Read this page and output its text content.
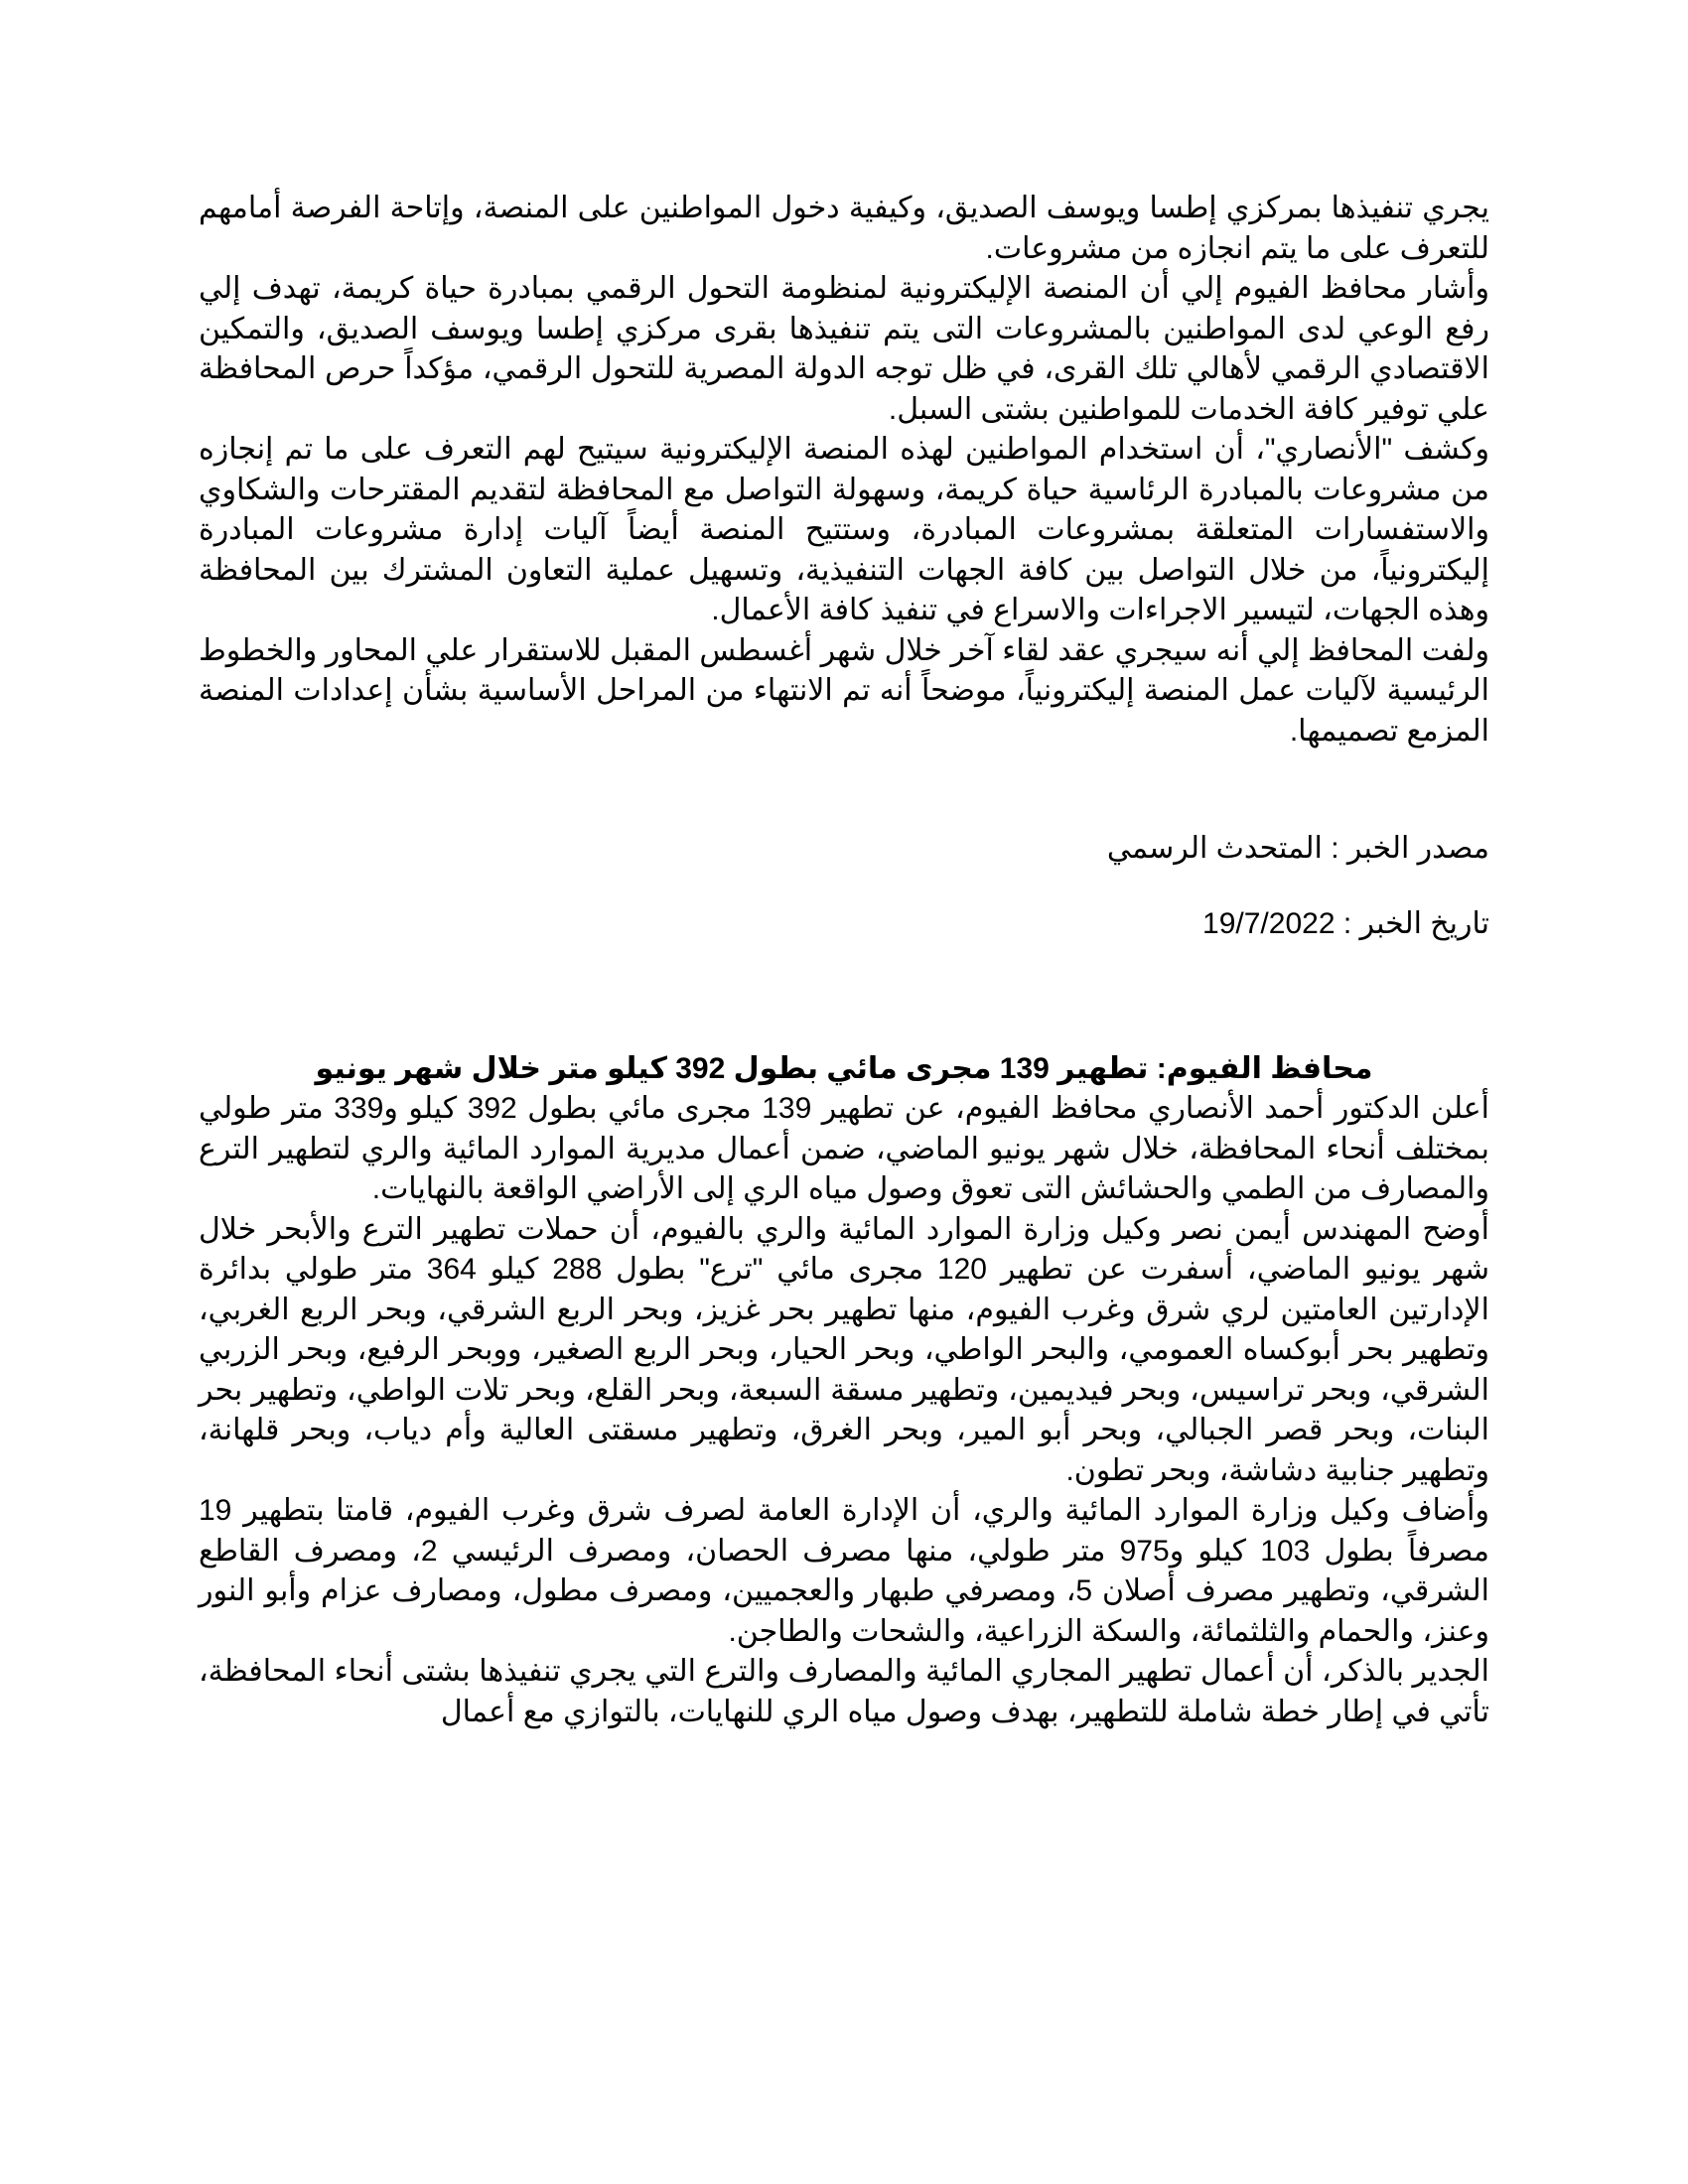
يجري تنفيذها بمركزي إطسا ويوسف الصديق، وكيفية دخول المواطنين على المنصة، وإتاحة الفرصة أمامهم للتعرف على ما يتم انجازه من مشروعات.

وأشار محافظ الفيوم إلي أن المنصة الإليكترونية لمنظومة التحول الرقمي بمبادرة حياة كريمة، تهدف إلي رفع الوعي لدى المواطنين بالمشروعات التى يتم تنفيذها بقرى مركزي إطسا ويوسف الصديق، والتمكين الاقتصادي الرقمي لأهالي تلك القرى، في ظل توجه الدولة المصرية للتحول الرقمي، مؤكداً حرص المحافظة علي توفير كافة الخدمات للمواطنين بشتى السبل.

وكشف "الأنصاري"، أن استخدام المواطنين لهذه المنصة الإليكترونية سيتيح لهم التعرف على ما تم إنجازه من مشروعات بالمبادرة الرئاسية حياة كريمة، وسهولة التواصل مع المحافظة لتقديم المقترحات والشكاوي والاستفسارات المتعلقة بمشروعات المبادرة، وستتيح المنصة أيضاً آليات إدارة مشروعات المبادرة إليكترونياً، من خلال التواصل بين كافة الجهات التنفيذية، وتسهيل عملية التعاون المشترك بين المحافظة وهذه الجهات، لتيسير الاجراءات والاسراع في تنفيذ كافة الأعمال.

ولفت المحافظ إلي أنه سيجري عقد لقاء آخر خلال شهر أغسطس المقبل للاستقرار علي المحاور والخطوط الرئيسية لآليات عمل المنصة إليكترونياً، موضحاً أنه تم الانتهاء من المراحل الأساسية بشأن إعدادات المنصة المزمع تصميمها.

مصدر الخبر : المتحدث الرسمي

تاريخ الخبر : 19/7/2022

محافظ الفيوم: تطهير 139 مجرى مائي بطول 392 كيلو متر خلال شهر يونيو

أعلن الدكتور أحمد الأنصاري محافظ الفيوم، عن تطهير 139 مجرى مائي بطول 392 كيلو و339 متر طولي بمختلف أنحاء المحافظة، خلال شهر يونيو الماضي، ضمن أعمال مديرية الموارد المائية والري لتطهير الترع والمصارف من الطمي والحشائش التى تعوق وصول مياه الري إلى الأراضي الواقعة بالنهايات.

أوضح المهندس أيمن نصر وكيل وزارة الموارد المائية والري بالفيوم، أن حملات تطهير الترع والأبحر خلال شهر يونيو الماضي، أسفرت عن تطهير 120 مجرى مائي "ترع" بطول 288 كيلو 364 متر طولي بدائرة الإدارتين العامتين لري شرق وغرب الفيوم، منها تطهير بحر غزيز، وبحر الربع الشرقي، وبحر الربع الغربي، وتطهير بحر أبوكساه العمومي، والبحر الواطي، وبحر الحيار، وبحر الربع الصغير، ووبحر الرفيع، وبحر الزربي الشرقي، وبحر تراسيس، وبحر فيديمين، وتطهير مسقة السبعة، وبحر القلع، وبحر تلات الواطي، وتطهير بحر البنات، وبحر قصر الجبالي، وبحر أبو المير، وبحر الغرق، وتطهير مسقتى العالية وأم دياب، وبحر قلهانة، وتطهير جنابية دشاشة، وبحر تطون.

وأضاف وكيل وزارة الموارد المائية والري، أن الإدارة العامة لصرف شرق وغرب الفيوم، قامتا بتطهير 19 مصرفاً بطول 103 كيلو و975 متر طولي، منها مصرف الحصان، ومصرف الرئيسي 2، ومصرف القاطع الشرقي، وتطهير مصرف أصلان 5، ومصرفي طبهار والعجميين، ومصرف مطول، ومصارف عزام وأبو النور وعنز، والحمام والثلثمائة، والسكة الزراعية، والشحات والطاجن.

الجدير بالذكر، أن أعمال تطهير المجاري المائية والمصارف والترع التي يجري تنفيذها بشتى أنحاء المحافظة، تأتي في إطار خطة شاملة للتطهير، بهدف وصول مياه الري للنهايات، بالتوازي مع أعمال
